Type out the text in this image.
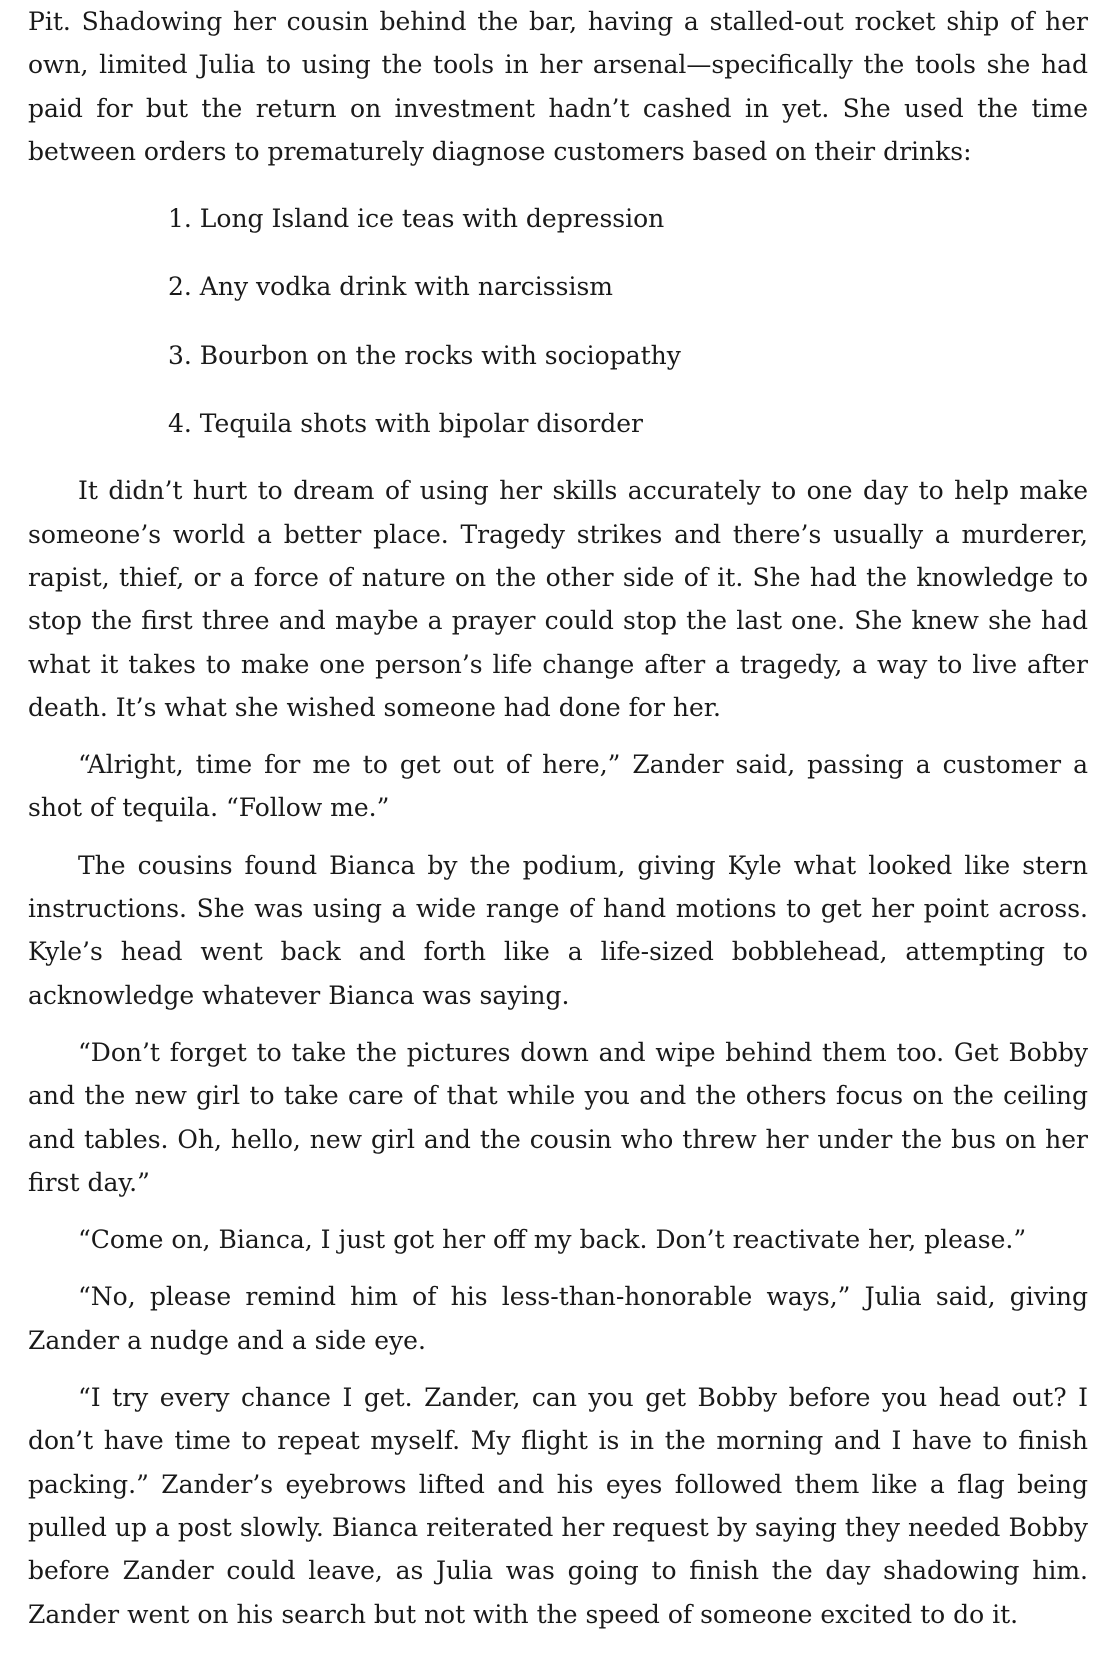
Pit. Shadowing her cousin behind the bar, having a stalled-out rocket ship of her own, limited Julia to using the tools in her arsenal—specifically the tools she had paid for but the return on investment hadn’t cashed in yet. She used the time between orders to prematurely diagnose customers based on their drinks:

1. Long Island ice teas with depression
2. Any vodka drink with narcissism
3. Bourbon on the rocks with sociopathy
4. Tequila shots with bipolar disorder

It didn’t hurt to dream of using her skills accurately to one day to help make someone’s world a better place. Tragedy strikes and there’s usually a murderer, rapist, thief, or a force of nature on the other side of it. She had the knowledge to stop the first three and maybe a prayer could stop the last one. She knew she had what it takes to make one person’s life change after a tragedy, a way to live after death. It’s what she wished someone had done for her.

“Alright, time for me to get out of here,” Zander said, passing a customer a shot of tequila. “Follow me.”

The cousins found Bianca by the podium, giving Kyle what looked like stern instructions. She was using a wide range of hand motions to get her point across. Kyle’s head went back and forth like a life-sized bobblehead, attempting to acknowledge whatever Bianca was saying.

“Don’t forget to take the pictures down and wipe behind them too. Get Bobby and the new girl to take care of that while you and the others focus on the ceiling and tables. Oh, hello, new girl and the cousin who threw her under the bus on her first day.”

“Come on, Bianca, I just got her off my back. Don’t reactivate her, please.”

“No, please remind him of his less-than-honorable ways,” Julia said, giving Zander a nudge and a side eye.

“I try every chance I get. Zander, can you get Bobby before you head out? I don’t have time to repeat myself. My flight is in the morning and I have to finish packing.” Zander’s eyebrows lifted and his eyes followed them like a flag being pulled up a post slowly. Bianca reiterated her request by saying they needed Bobby before Zander could leave, as Julia was going to finish the day shadowing him. Zander went on his search but not with the speed of someone excited to do it.
